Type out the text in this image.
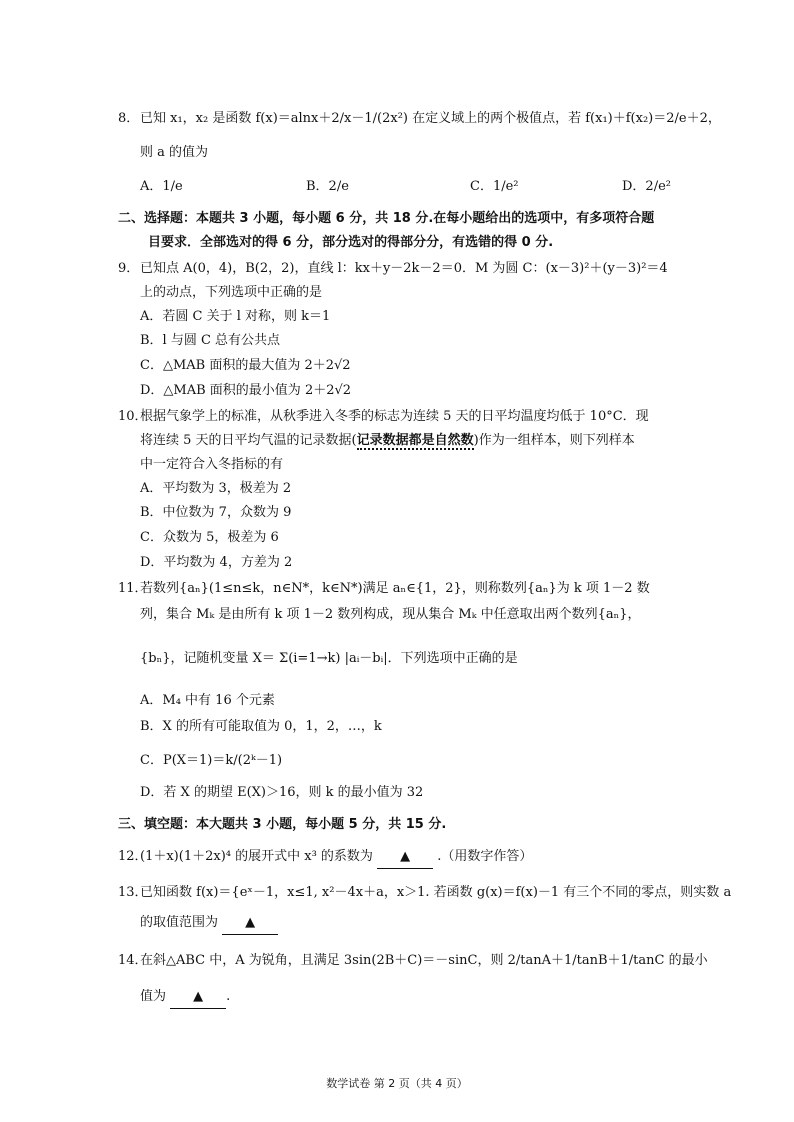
8． 已知 x₁，x₂ 是函数 f(x)＝alnx＋2/x－1/(2x²) 在定义域上的两个极值点，若 f(x₁)＋f(x₂)＝2/e＋2，
则 a 的值为
A．1/e	B．2/e	C．1/e²	D．2/e²
二、选择题：本题共 3 小题，每小题 6 分，共 18 分.在每小题给出的选项中，有多项符合题
目要求．全部选对的得 6 分，部分选对的得部分分，有选错的得 0 分.
9． 已知点 A(0，4)，B(2，2)，直线 l：kx＋y－2k－2＝0．M 为圆 C：(x－3)²＋(y－3)²＝4
上的动点，下列选项中正确的是
A．若圆 C 关于 l 对称，则 k＝1
B．l 与圆 C 总有公共点
C．△MAB 面积的最大值为 2＋2√2
D．△MAB 面积的最小值为 2＋2√2
10．
根据气象学上的标准，从秋季进入冬季的标志为连续 5 天的日平均温度均低于 10°C．现
将连续 5 天的日平均气温的记录数据(记录数据都是自然数)作为一组样本，则下列样本
中一定符合入冬指标的有
A．平均数为 3，极差为 2
B．中位数为 7，众数为 9
C．众数为 5，极差为 6
D．平均数为 4，方差为 2
11．
若数列{aₙ}(1≤n≤k，n∈N*，k∈N*)满足 aₙ∈{1，2}，则称数列{aₙ}为 k 项 1－2 数
列，集合 Mₖ 是由所有 k 项 1－2 数列构成，现从集合 Mₖ 中任意取出两个数列{aₙ}，
{bₙ}，记随机变量 X＝ Σ(i=1→k) |aᵢ－bᵢ|．下列选项中正确的是
A．M₄ 中有 16 个元素
B．X 的所有可能取值为 0，1，2，…，k
C．P(X＝1)＝k/(2ᵏ－1)
D．若 X 的期望 E(X)＞16，则 k 的最小值为 32
三、填空题：本大题共 3 小题，每小题 5 分，共 15 分.
12．
(1＋x)(1＋2x)⁴ 的展开式中 x³ 的系数为 ▲ .（用数字作答）
13．
已知函数 f(x)＝{eˣ－1，x≤1, x²－4x＋a，x＞1. 若函数 g(x)＝f(x)－1 有三个不同的零点，则实数 a
的取值范围为 ▲
14．
在斜△ABC 中，A 为锐角，且满足 3sin(2B＋C)＝－sinC，则 2/tanA＋1/tanB＋1/tanC 的最小
值为 ▲ .
数学试卷 第 2 页（共 4 页）
